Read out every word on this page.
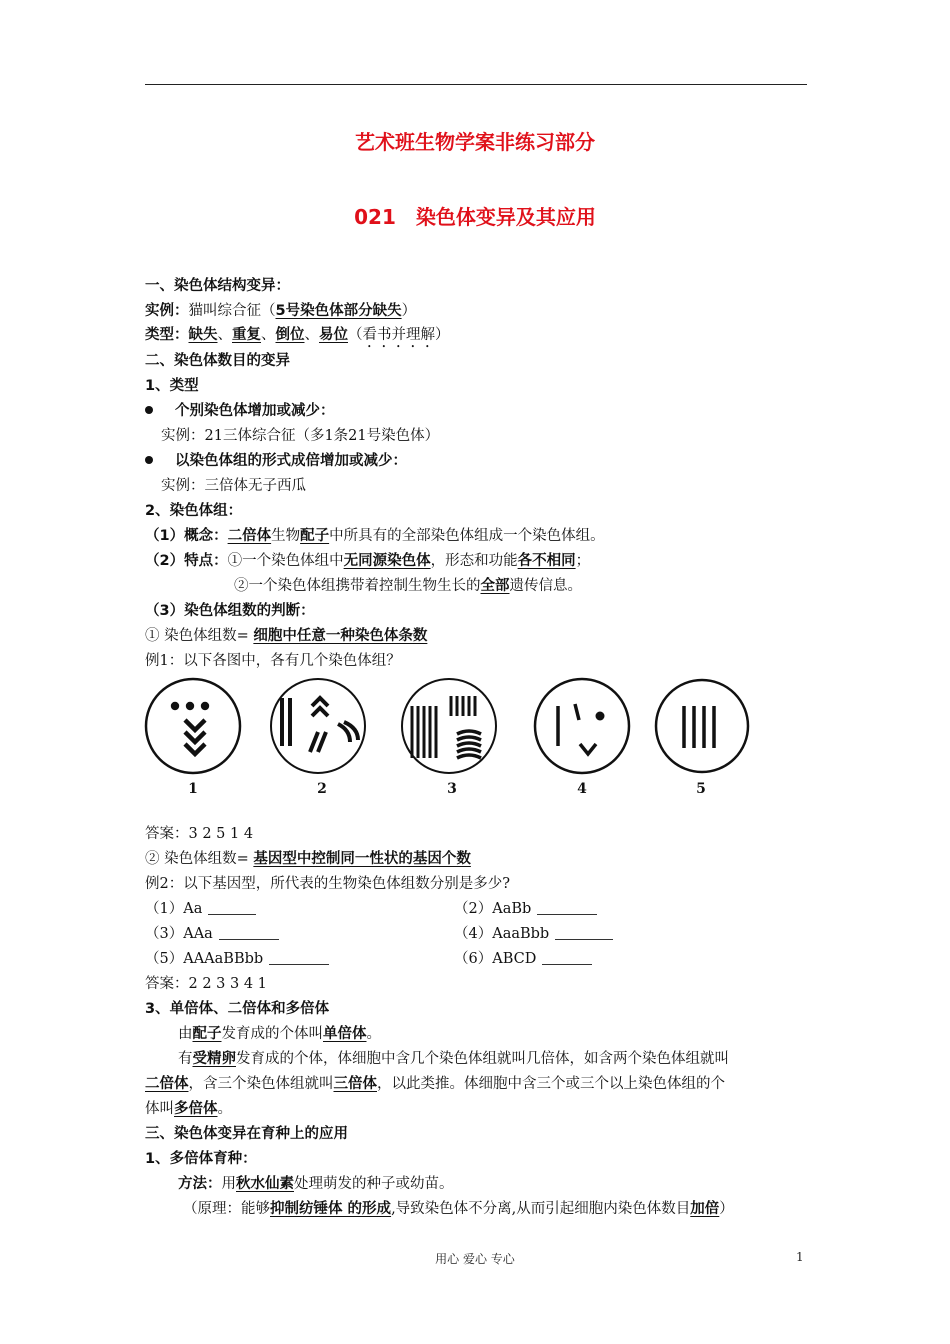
艺术班生物学案非练习部分
021　染色体变异及其应用
一、染色体结构变异：
实例：猫叫综合征（5号染色体部分缺失）
类型：缺失、重复、倒位、易位（看书并理解）
二、染色体数目的变异
1、类型
个别染色体增加或减少：
实例：21三体综合征（多1条21号染色体）
以染色体组的形式成倍增加或减少：
实例：三倍体无子西瓜
2、染色体组：
（1）概念：二倍体生物配子中所具有的全部染色体组成一个染色体组。
（2）特点：①一个染色体组中无同源染色体，形态和功能各不相同；
②一个染色体组携带着控制生物生长的全部遗传信息。
（3）染色体组数的判断：
① 染色体组数= 细胞中任意一种染色体条数
例1：以下各图中，各有几个染色体组？
1	2	3	4	5
答案：3 2 5 1 4
② 染色体组数= 基因型中控制同一性状的基因个数
例2：以下基因型，所代表的生物染色体组数分别是多少?
（1）Aa	（2）AaBb
（3）AAa	（4）AaaBbb
（5）AAAaBBbb	（6）ABCD
答案：2 2 3 3 4 1
3、单倍体、二倍体和多倍体
由配子发育成的个体叫单倍体。
有受精卵发育成的个体，体细胞中含几个染色体组就叫几倍体，如含两个染色体组就叫
二倍体，含三个染色体组就叫三倍体，以此类推。体细胞中含三个或三个以上染色体组的个
体叫多倍体。
三、染色体变异在育种上的应用
1、多倍体育种：
方法：用秋水仙素处理萌发的种子或幼苗。
（原理：能够抑制纺锤体 的形成,导致染色体不分离,从而引起细胞内染色体数目加倍）
用心 爱心 专心	1
